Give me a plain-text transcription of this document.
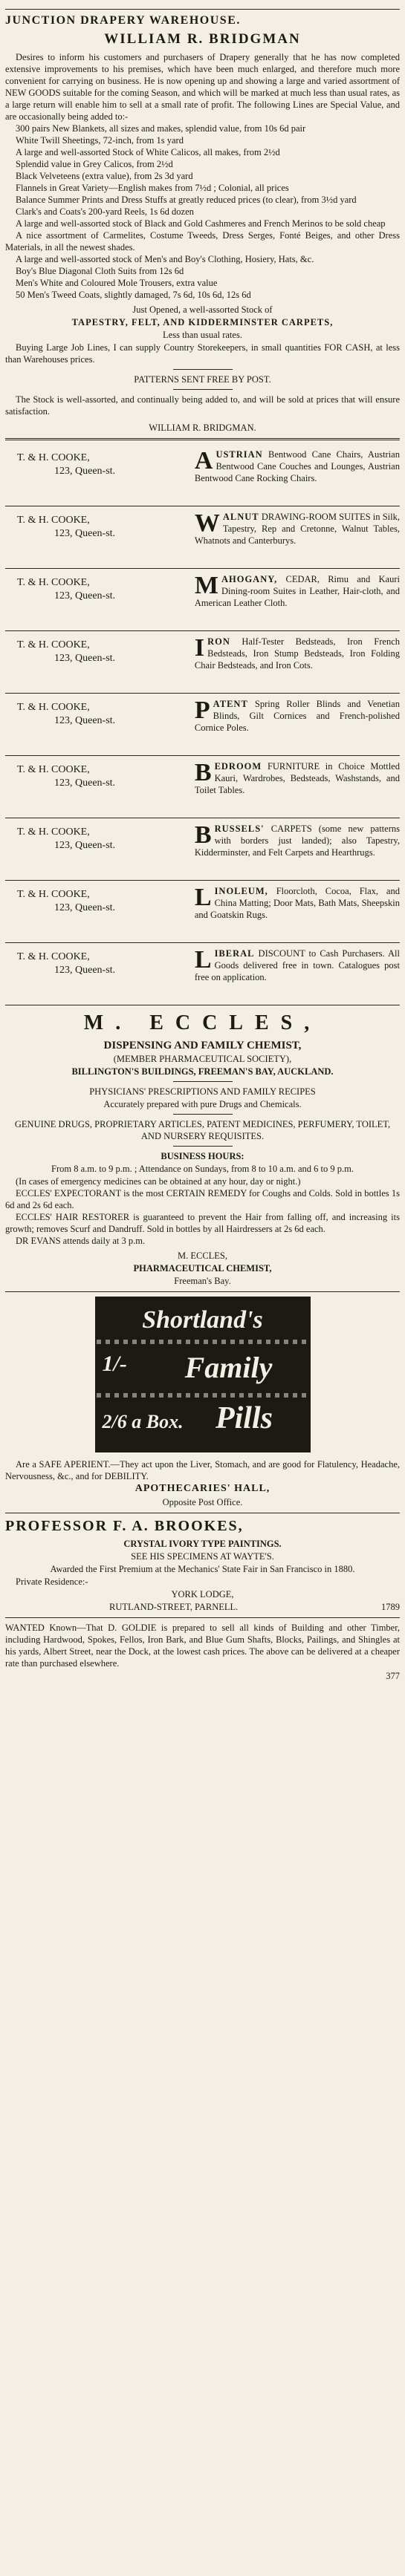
JUNCTION DRAPERY WAREHOUSE.
WILLIAM R. BRIDGMAN

Desires to inform his customers and purchasers of Drapery generally that he has now completed extensive improvements to his premises, which have been much enlarged, and therefore much more convenient for carrying on business. He is now opening up and showing a large and varied assortment of NEW GOODS suitable for the coming Season, and which will be marked at much less than usual rates, as a large return will enable him to sell at a small rate of profit. The following Lines are Special Value, and are occasionally being added to:-

300 pairs New Blankets, all sizes and makes, splendid value, from 10s 6d pair

White Twill Sheetings, 72-inch, from 1s yard

A large and well-assorted Stock of White Calicos, all makes, from 2½d

Splendid value in Grey Calicos, from 2½d

Black Velveteens (extra value), from 2s 3d yard

Flannels in Great Variety—English makes from 7½d ; Colonial, all prices

Balance Summer Prints and Dress Stuffs at greatly reduced prices (to clear), from 3½d yard

Clark's and Coats's 200-yard Reels, 1s 6d dozen

A large and well-assorted stock of Black and Gold Cashmeres and French Merinos to be sold cheap

A nice assortment of Carmelites, Costume Tweeds, Dress Serges, Fonté Beiges, and other Dress Materials, in all the newest shades.

A large and well-assorted stock of Men's and Boy's Clothing, Hosiery, Hats, &c.

Boy's Blue Diagonal Cloth Suits from 12s 6d

Men's White and Coloured Mole Trousers, extra value

50 Men's Tweed Coats, slightly damaged, 7s 6d, 10s 6d, 12s 6d

Just Opened, a well-assorted Stock of

TAPESTRY, FELT, AND KIDDERMINSTER CARPETS,

Less than usual rates.

Buying Large Job Lines, I can supply Country Storekeepers, in small quantities FOR CASH, at less than Warehouses prices.

PATTERNS SENT FREE BY POST.

The Stock is well-assorted, and continually being added to, and will be sold at prices that will ensure satisfaction.

WILLIAM R. BRIDGMAN.

T. & H. COOKE,
123, Queen-st.	AUSTRIAN Bentwood Cane Chairs, Austrian Bentwood Cane Couches and Lounges, Austrian Bentwood Cane Rocking Chairs.
T. & H. COOKE,
123, Queen-st.	WALNUT DRAWING-ROOM SUITES in Silk, Tapestry, Rep and Cretonne, Walnut Tables, Whatnots and Canterburys.
T. & H. COOKE,
123, Queen-st.	MAHOGANY, CEDAR, Rimu and Kauri Dining-room Suites in Leather, Hair-cloth, and American Leather Cloth.
T. & H. COOKE,
123, Queen-st.	IRON Half-Tester Bedsteads, Iron French Bedsteads, Iron Stump Bedsteads, Iron Folding Chair Bedsteads, and Iron Cots.
T. & H. COOKE,
123, Queen-st.	PATENT Spring Roller Blinds and Venetian Blinds, Gilt Cornices and French-polished Cornice Poles.
T. & H. COOKE,
123, Queen-st.	BEDROOM FURNITURE in Choice Mottled Kauri, Wardrobes, Bedsteads, Washstands, and Toilet Tables.
T. & H. COOKE,
123, Queen-st.	BRUSSELS' CARPETS (some new patterns with borders just landed); also Tapestry, Kidderminster, and Felt Carpets and Hearthrugs.
T. & H. COOKE,
123, Queen-st.	LINOLEUM, Floorcloth, Cocoa, Flax, and China Matting; Door Mats, Bath Mats, Sheepskin and Goatskin Rugs.
T. & H. COOKE,
123, Queen-st.	LIBERAL DISCOUNT to Cash Purchasers. All Goods delivered free in town. Catalogues post free on application.
M. ECCLES,
DISPENSING AND FAMILY CHEMIST,

(MEMBER PHARMACEUTICAL SOCIETY),

BILLINGTON'S BUILDINGS, FREEMAN'S BAY, AUCKLAND.

PHYSICIANS' PRESCRIPTIONS AND FAMILY RECIPES

Accurately prepared with pure Drugs and Chemicals.

GENUINE DRUGS, PROPRIETARY ARTICLES, PATENT MEDICINES, PERFUMERY, TOILET, AND NURSERY REQUISITES.

BUSINESS HOURS:

From 8 a.m. to 9 p.m. ; Attendance on Sundays, from 8 to 10 a.m. and 6 to 9 p.m.

(In cases of emergency medicines can be obtained at any hour, day or night.)

ECCLES' EXPECTORANT is the most CERTAIN REMEDY for Coughs and Colds. Sold in bottles 1s 6d and 2s 6d each.

ECCLES' HAIR RESTORER is guaranteed to prevent the Hair from falling off, and increasing its growth; removes Scurf and Dandruff. Sold in bottles by all Hairdressers at 2s 6d each.

DR EVANS attends daily at 3 p.m.

M. ECCLES,

PHARMACEUTICAL CHEMIST,

Freeman's Bay.

Shortland's
1/-	Family
2/6 a Box.	Pills

Are a SAFE APERIENT.—They act upon the Liver, Stomach, and are good for Flatulency, Headache, Nervousness, &c., and for DEBILITY.

APOTHECARIES' HALL,

Opposite Post Office.

PROFESSOR F. A. BROOKES,

CRYSTAL IVORY TYPE PAINTINGS.

SEE HIS SPECIMENS AT WAYTE'S.

Awarded the First Premium at the Mechanics' State Fair in San Francisco in 1880.

Private Residence:-

YORK LODGE,

RUTLAND-STREET, PARNELL.	1789

WANTED Known—That D. GOLDIE is prepared to sell all kinds of Building and other Timber, including Hardwood, Spokes, Fellos, Iron Bark, and Blue Gum Shafts, Blocks, Pailings, and Shingles at his yards, Albert Street, near the Dock, at the lowest cash prices. The above can be delivered at a cheaper rate than purchased elsewhere.

377
